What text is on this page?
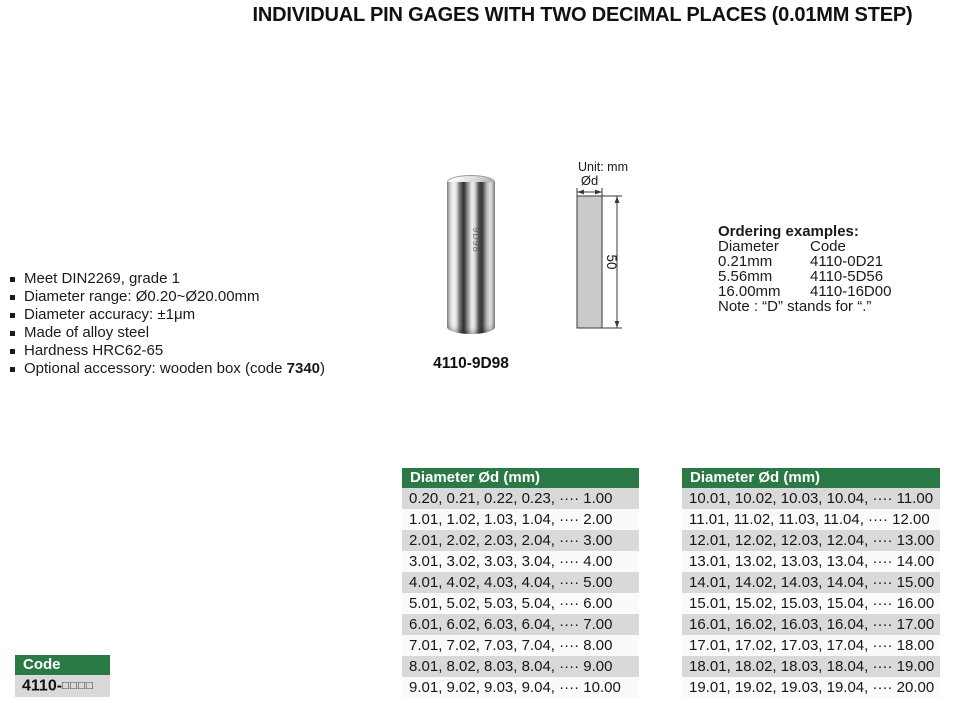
INDIVIDUAL PIN GAGES WITH TWO DECIMAL PLACES (0.01MM STEP)
Meet DIN2269, grade 1
Diameter range: Ø0.20~Ø20.00mm
Diameter accuracy: ±1μm
Made of alloy steel
Hardness HRC62-65
Optional accessory: wooden box (code 7340)
9D98
4110-9D98
Unit: mm
Ød
50
Ordering examples:
Diameter	Code
0.21mm	4110-0D21
5.56mm	4110-5D56
16.00mm	4110-16D00
Note : “D” stands for “.”
Diameter Ød (mm)
0.20, 0.21, 0.22, 0.23, ···· 1.00
1.01, 1.02, 1.03, 1.04, ···· 2.00
2.01, 2.02, 2.03, 2.04, ···· 3.00
3.01, 3.02, 3.03, 3.04, ···· 4.00
4.01, 4.02, 4.03, 4.04, ···· 5.00
5.01, 5.02, 5.03, 5.04, ···· 6.00
6.01, 6.02, 6.03, 6.04, ···· 7.00
7.01, 7.02, 7.03, 7.04, ···· 8.00
8.01, 8.02, 8.03, 8.04, ···· 9.00
9.01, 9.02, 9.03, 9.04, ···· 10.00
Diameter Ød (mm)
10.01, 10.02, 10.03, 10.04, ···· 11.00
11.01, 11.02, 11.03, 11.04, ···· 12.00
12.01, 12.02, 12.03, 12.04, ···· 13.00
13.01, 13.02, 13.03, 13.04, ···· 14.00
14.01, 14.02, 14.03, 14.04, ···· 15.00
15.01, 15.02, 15.03, 15.04, ···· 16.00
16.01, 16.02, 16.03, 16.04, ···· 17.00
17.01, 17.02, 17.03, 17.04, ···· 18.00
18.01, 18.02, 18.03, 18.04, ···· 19.00
19.01, 19.02, 19.03, 19.04, ···· 20.00
Code
4110-□□□□
